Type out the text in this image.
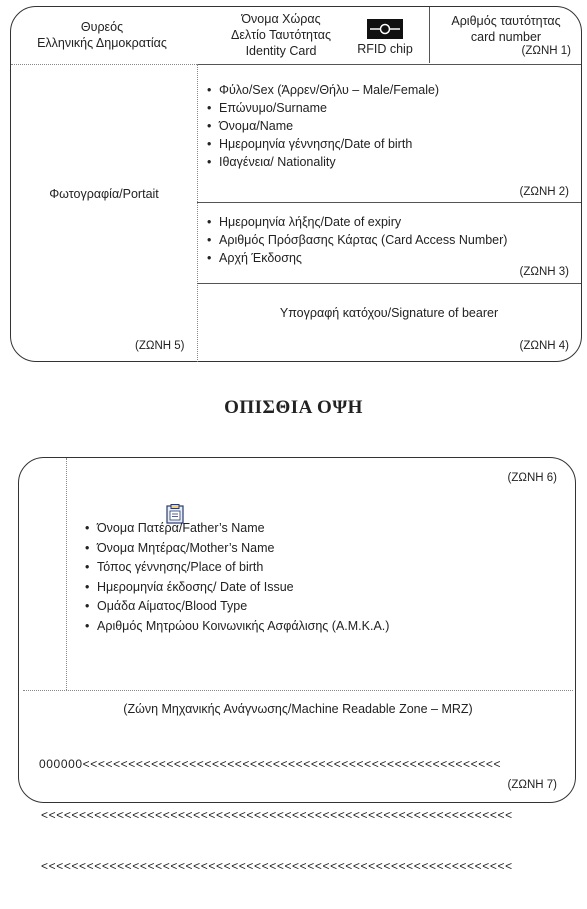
Θυρεός
Ελληνικής Δημοκρατίας
Όνομα Χώρας
Δελτίο Ταυτότητας
Identity Card	RFID chip
Αριθμός ταυτότητας
card number
(ΖΩΝΗ 1)
Φωτογραφία/Portait
(ΖΩΝΗ 5)
• Φύλο/Sex (Άρρεν/Θήλυ – Male/Female)
• Επώνυμο/Surname
• Όνομα/Name
• Ημερομηνία γέννησης/Date of birth
• Ιθαγένεια/ Nationality
(ΖΩΝΗ 2)
• Ημερομηνία λήξης/Date of expiry
• Αριθμός Πρόσβασης Κάρτας (Card Access Number)
• Αρχή Έκδοσης
(ΖΩΝΗ 3)
Υπογραφή κατόχου/Signature of bearer
(ΖΩΝΗ 4)
ΟΠΙΣΘΙΑ ΟΨΗ
(ΖΩΝΗ 6)
• Όνομα Πατέρα/Father’s Name
• Όνομα Μητέρας/Mother’s Name
• Τόπος γέννησης/Place of birth
• Ημερομηνία έκδοσης/ Date of Issue
• Ομάδα Αίματος/Blood Type
• Αριθμός Μητρώου Κοινωνικής Ασφάλισης (Α.Μ.Κ.Α.)
(Ζώνη Μηχανικής Ανάγνωσης/Machine Readable Zone – MRZ)

000000<<<<<<<<<<<<<<<<<<<<<<<<<<<<<<<<<<<<<<<<<<<<<<<<<<<<<<<

<<<<<<<<<<<<<<<<<<<<<<<<<<<<<<<<<<<<<<<<<<<<<<<<<<<<<<<<<<<<<<

<<<<<<<<<<<<<<<<<<<<<<<<<<<<<<<<<<<<<<<<<<<<<<<<<<<<<<<<<<<<<<

(ΖΩΝΗ 7)
